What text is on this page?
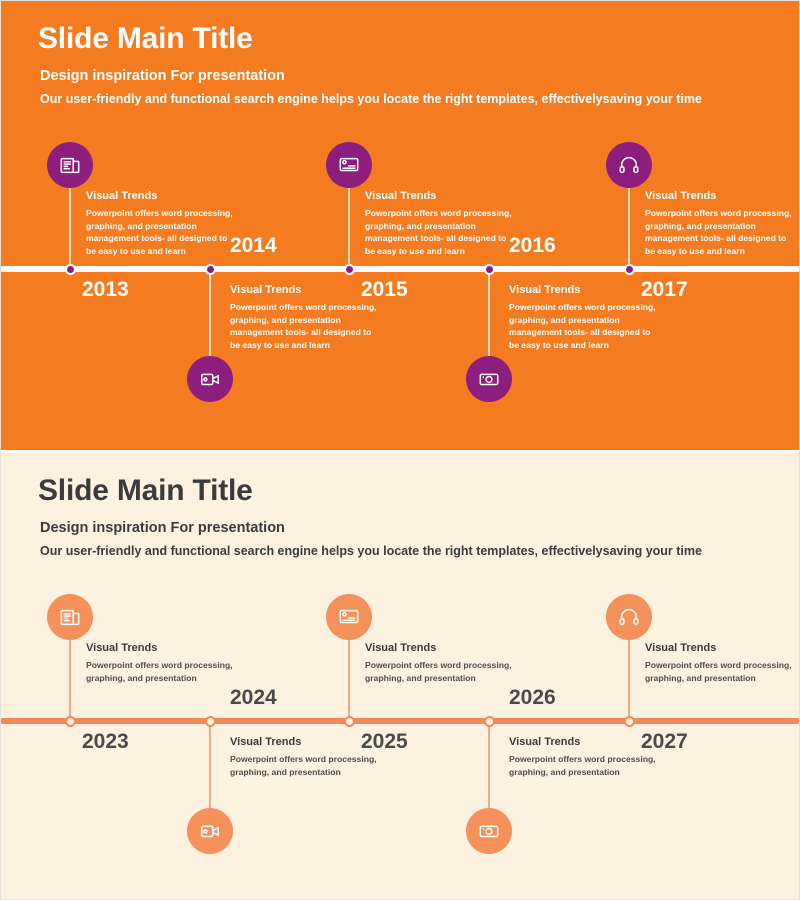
Slide Main Title
Design inspiration For presentation
Our user-friendly and functional search engine helps you locate the right templates, effectivelysaving your time
Visual Trends
Powerpoint offers word processing, graphing, and presentation management tools- all designed to be easy to use and learn
2013	Visual Trends
Powerpoint offers word processing, graphing, and presentation management tools- all designed to be easy to use and learn
2014
Visual Trends
Powerpoint offers word processing, graphing, and presentation management tools- all designed to be easy to use and learn
2015	Visual Trends
Powerpoint offers word processing, graphing, and presentation management tools- all designed to be easy to use and learn
2016
Visual Trends
Powerpoint offers word processing, graphing, and presentation management tools- all designed to be easy to use and learn
2017
Slide Main Title
Design inspiration For presentation
Our user-friendly and functional search engine helps you locate the right templates, effectivelysaving your time
Visual Trends
Powerpoint offers word processing, graphing, and presentation
2023	Visual Trends
Powerpoint offers word processing, graphing, and presentation
2024
Visual Trends
Powerpoint offers word processing, graphing, and presentation
2025	Visual Trends
Powerpoint offers word processing, graphing, and presentation
2026
Visual Trends
Powerpoint offers word processing, graphing, and presentation
2027
